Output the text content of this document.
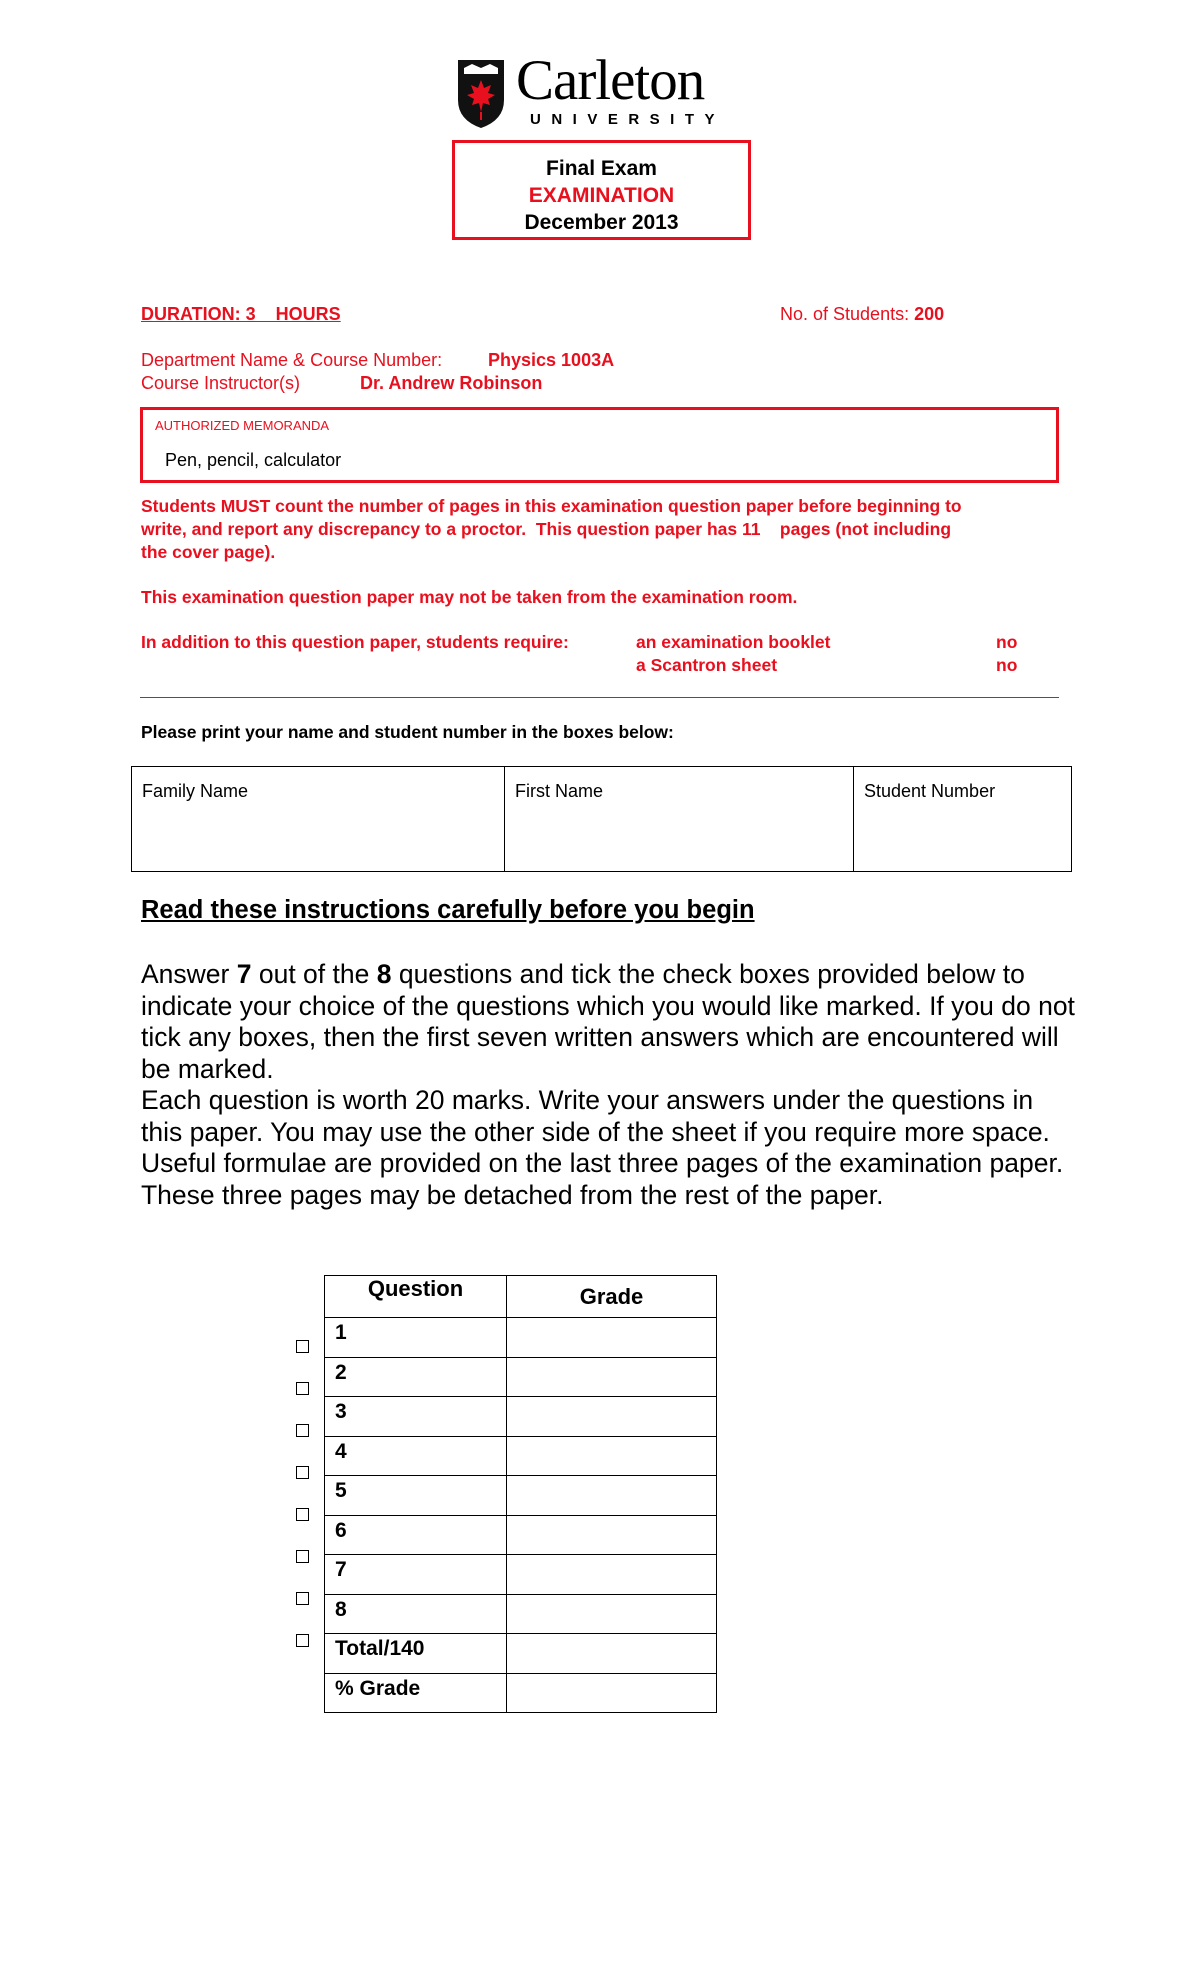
Carleton
UNIVERSITY
Final Exam
EXAMINATION
December 2013
DURATION: 3    HOURS	No. of Students: 200
Department Name & Course Number:	Physics 1003A
Course Instructor(s)	Dr. Andrew Robinson
AUTHORIZED MEMORANDA
Pen, pencil, calculator
Students MUST count the number of pages in this examination question paper before beginning to
write, and report any discrepancy to a proctor.  This question paper has 11    pages (not including
the cover page).
This examination question paper may not be taken from the examination room.
In addition to this question paper, students require:	an examination booklet	no
a Scantron sheet	no
Please print your name and student number in the boxes below:
Family Name	First Name	Student Number
Read these instructions carefully before you begin

Answer 7 out of the 8 questions and tick the check boxes provided below to indicate your choice of the questions which you would like marked. If you do not tick any boxes, then the first seven written answers which are encountered will be marked.

Each question is worth 20 marks. Write your answers under the questions in this paper. You may use the other side of the sheet if you require more space. Useful formulae are provided on the last three pages of the examination paper. These three pages may be detached from the rest of the paper.

Question	Grade
1	
2	
3	
4	
5	
6	
7	
8	
Total/140	
% Grade	
